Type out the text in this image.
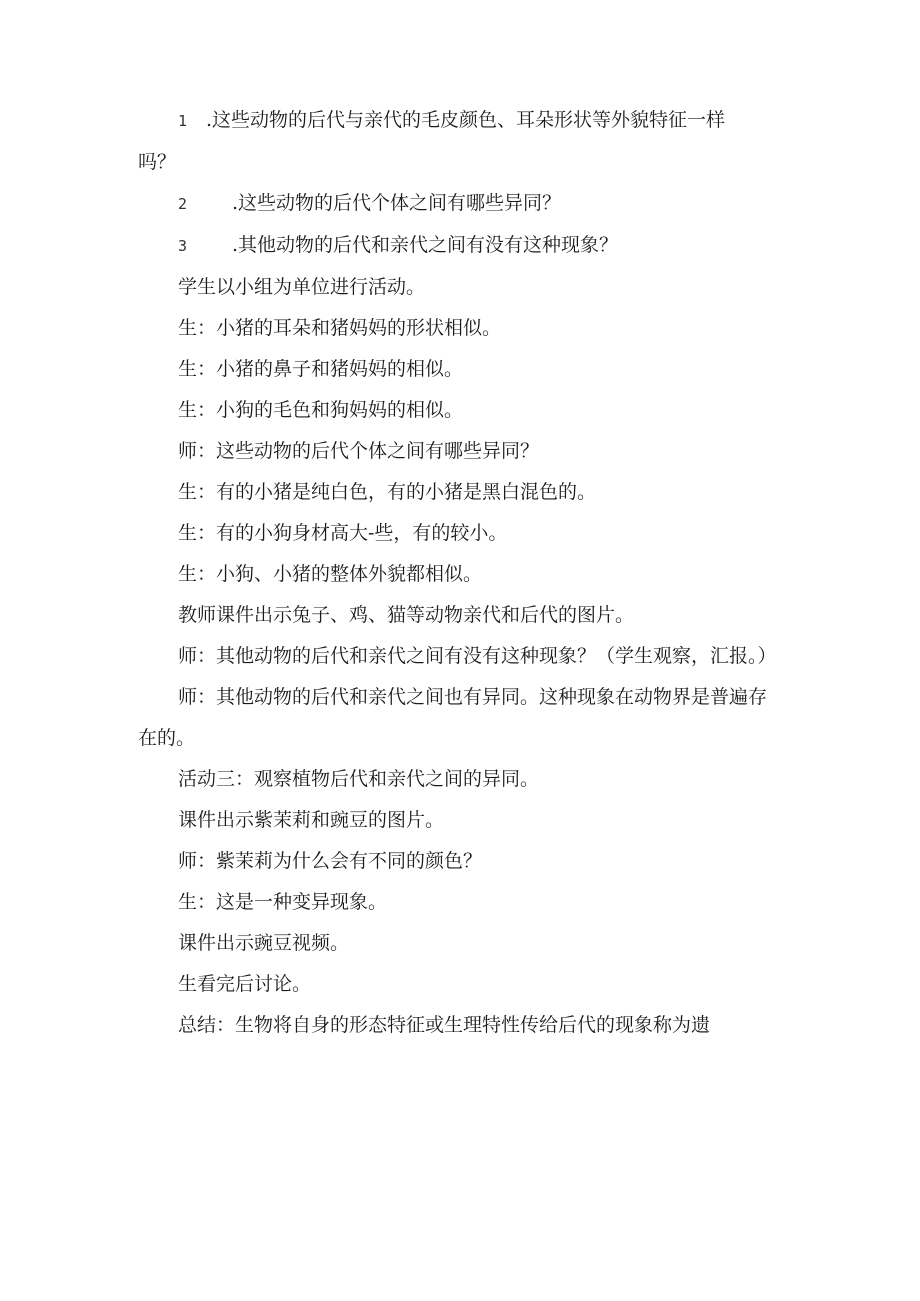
1 .这些动物的后代与亲代的毛皮颜色、耳朵形状等外貌特征一样

吗？

2 .这些动物的后代个体之间有哪些异同？

3 .其他动物的后代和亲代之间有没有这种现象？

学生以小组为单位进行活动。

生：小猪的耳朵和猪妈妈的形状相似。

生：小猪的鼻子和猪妈妈的相似。

生：小狗的毛色和狗妈妈的相似。

师：这些动物的后代个体之间有哪些异同？

生：有的小猪是纯白色，有的小猪是黑白混色的。

生：有的小狗身材高大-些，有的较小。

生：小狗、小猪的整体外貌都相似。

教师课件出示兔子、鸡、猫等动物亲代和后代的图片。

师：其他动物的后代和亲代之间有没有这种现象？（学生观察，汇报。）

师：其他动物的后代和亲代之间也有异同。这种现象在动物界是普遍存在的。

活动三：观察植物后代和亲代之间的异同。

课件出示紫茉莉和豌豆的图片。

师：紫茉莉为什么会有不同的颜色？

生：这是一种变异现象。

课件出示豌豆视频。

生看完后讨论。

总结：生物将自身的形态特征或生理特性传给后代的现象称为遗
